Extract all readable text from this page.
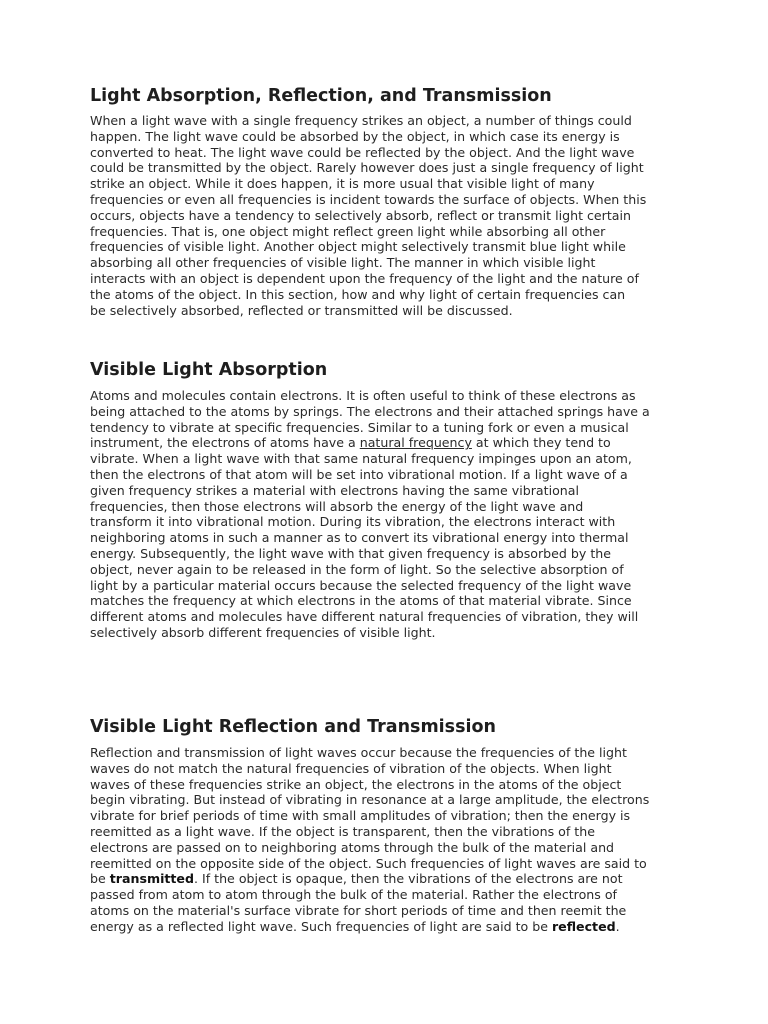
Light Absorption, Reflection, and Transmission
When a light wave with a single frequency strikes an object, a number of things could
happen. The light wave could be absorbed by the object, in which case its energy is
converted to heat. The light wave could be reflected by the object. And the light wave
could be transmitted by the object. Rarely however does just a single frequency of light
strike an object. While it does happen, it is more usual that visible light of many
frequencies or even all frequencies is incident towards the surface of objects. When this
occurs, objects have a tendency to selectively absorb, reflect or transmit light certain
frequencies. That is, one object might reflect green light while absorbing all other
frequencies of visible light. Another object might selectively transmit blue light while
absorbing all other frequencies of visible light. The manner in which visible light
interacts with an object is dependent upon the frequency of the light and the nature of
the atoms of the object. In this section, how and why light of certain frequencies can
be selectively absorbed, reflected or transmitted will be discussed.
Visible Light Absorption
Atoms and molecules contain electrons. It is often useful to think of these electrons as
being attached to the atoms by springs. The electrons and their attached springs have a
tendency to vibrate at specific frequencies. Similar to a tuning fork or even a musical
instrument, the electrons of atoms have a natural frequency at which they tend to
vibrate. When a light wave with that same natural frequency impinges upon an atom,
then the electrons of that atom will be set into vibrational motion. If a light wave of a
given frequency strikes a material with electrons having the same vibrational
frequencies, then those electrons will absorb the energy of the light wave and
transform it into vibrational motion. During its vibration, the electrons interact with
neighboring atoms in such a manner as to convert its vibrational energy into thermal
energy. Subsequently, the light wave with that given frequency is absorbed by the
object, never again to be released in the form of light. So the selective absorption of
light by a particular material occurs because the selected frequency of the light wave
matches the frequency at which electrons in the atoms of that material vibrate. Since
different atoms and molecules have different natural frequencies of vibration, they will
selectively absorb different frequencies of visible light.
Visible Light Reflection and Transmission
Reflection and transmission of light waves occur because the frequencies of the light
waves do not match the natural frequencies of vibration of the objects. When light
waves of these frequencies strike an object, the electrons in the atoms of the object
begin vibrating. But instead of vibrating in resonance at a large amplitude, the electrons
vibrate for brief periods of time with small amplitudes of vibration; then the energy is
reemitted as a light wave. If the object is transparent, then the vibrations of the
electrons are passed on to neighboring atoms through the bulk of the material and
reemitted on the opposite side of the object. Such frequencies of light waves are said to
be transmitted. If the object is opaque, then the vibrations of the electrons are not
passed from atom to atom through the bulk of the material. Rather the electrons of
atoms on the material's surface vibrate for short periods of time and then reemit the
energy as a reflected light wave. Such frequencies of light are said to be reflected.
